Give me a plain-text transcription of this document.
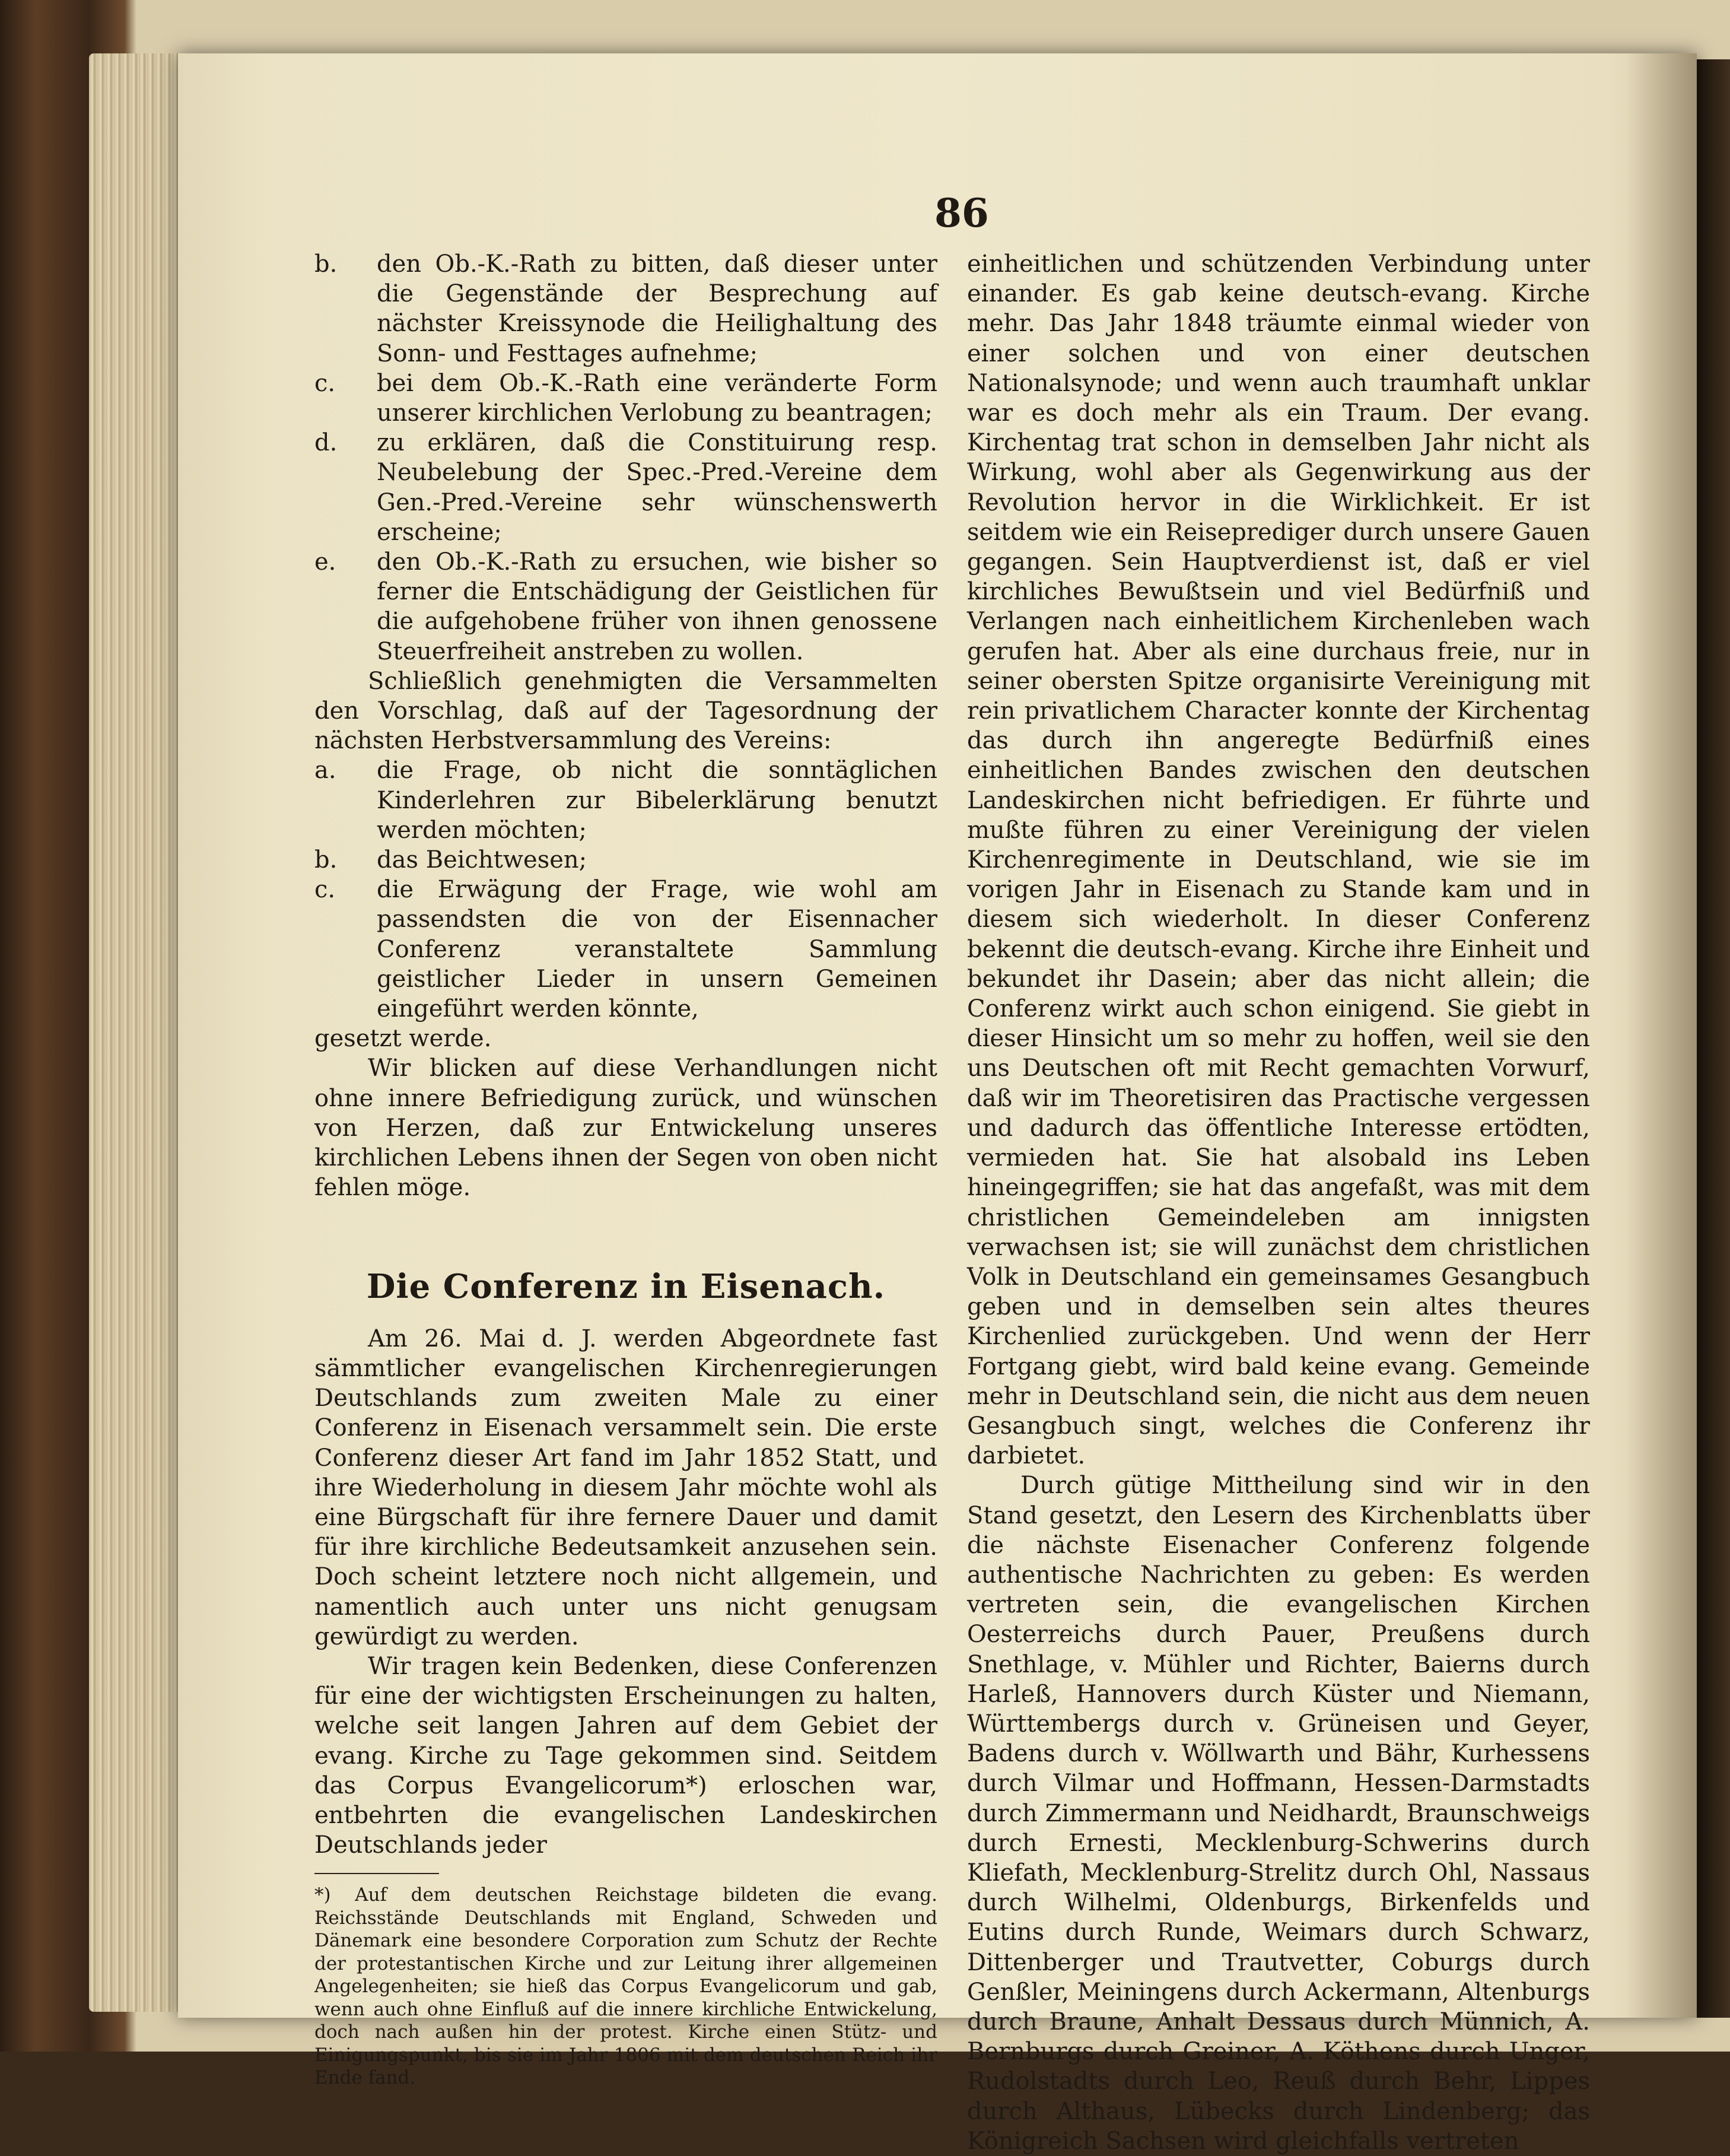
86
b.	den Ob.-K.-Rath zu bitten, daß dieser unter die Gegenstände der Besprechung auf nächster Kreissynode die Heilighaltung des Sonn- und Festtages aufnehme;
c.	bei dem Ob.-K.-Rath eine veränderte Form unserer kirchlichen Verlobung zu beantragen;
d.	zu erklären, daß die Constituirung resp. Neubelebung der Spec.-Pred.-Vereine dem Gen.-Pred.-Vereine sehr wünschenswerth erscheine;
e.	den Ob.-K.-Rath zu ersuchen, wie bisher so ferner die Entschädigung der Geistlichen für die aufgehobene früher von ihnen genossene Steuerfreiheit anstreben zu wollen.

Schließlich genehmigten die Versammelten den Vorschlag, daß auf der Tagesordnung der nächsten Herbstversammlung des Vereins:

a.	die Frage, ob nicht die sonntäglichen Kinderlehren zur Bibelerklärung benutzt werden möchten;
b.	das Beichtwesen;
c.	die Erwägung der Frage, wie wohl am passendsten die von der Eisennacher Conferenz veranstaltete Sammlung geistlicher Lieder in unsern Gemeinen eingeführt werden könnte,

gesetzt werde.

Wir blicken auf diese Verhandlungen nicht ohne innere Befriedigung zurück, und wünschen von Herzen, daß zur Entwickelung unseres kirchlichen Lebens ihnen der Segen von oben nicht fehlen möge.

Die Conferenz in Eisenach.

Am 26. Mai d. J. werden Abgeordnete fast sämmtlicher evangelischen Kirchenregierungen Deutschlands zum zweiten Male zu einer Conferenz in Eisenach versammelt sein. Die erste Conferenz dieser Art fand im Jahr 1852 Statt, und ihre Wiederholung in diesem Jahr möchte wohl als eine Bürgschaft für ihre fernere Dauer und damit für ihre kirchliche Bedeutsamkeit anzusehen sein. Doch scheint letztere noch nicht allgemein, und namentlich auch unter uns nicht genugsam gewürdigt zu werden.

Wir tragen kein Bedenken, diese Conferenzen für eine der wichtigsten Erscheinungen zu halten, welche seit langen Jahren auf dem Gebiet der evang. Kirche zu Tage gekommen sind. Seitdem das Corpus Evangelicorum*) erloschen war, entbehrten die evangelischen Landeskirchen Deutschlands jeder

*) Auf dem deutschen Reichstage bildeten die evang. Reichsstände Deutschlands mit England, Schweden und Dänemark eine besondere Corporation zum Schutz der Rechte der protestantischen Kirche und zur Leitung ihrer allgemeinen Angelegenheiten; sie hieß das Corpus Evangelicorum und gab, wenn auch ohne Einfluß auf die innere kirchliche Entwickelung, doch nach außen hin der protest. Kirche einen Stütz- und Einigungspunkt, bis sie im Jahr 1806 mit dem deutschen Reich ihr Ende fand.

einheitlichen und schützenden Verbindung unter einander. Es gab keine deutsch-evang. Kirche mehr. Das Jahr 1848 träumte einmal wieder von einer solchen und von einer deutschen Nationalsynode; und wenn auch traumhaft unklar war es doch mehr als ein Traum. Der evang. Kirchentag trat schon in demselben Jahr nicht als Wirkung, wohl aber als Gegenwirkung aus der Revolution hervor in die Wirklichkeit. Er ist seitdem wie ein Reiseprediger durch unsere Gauen gegangen. Sein Hauptverdienst ist, daß er viel kirchliches Bewußtsein und viel Bedürfniß und Verlangen nach einheitlichem Kirchenleben wach gerufen hat. Aber als eine durchaus freie, nur in seiner obersten Spitze organisirte Vereinigung mit rein privatlichem Character konnte der Kirchentag das durch ihn angeregte Bedürfniß eines einheitlichen Bandes zwischen den deutschen Landeskirchen nicht befriedigen. Er führte und mußte führen zu einer Vereinigung der vielen Kirchenregimente in Deutschland, wie sie im vorigen Jahr in Eisenach zu Stande kam und in diesem sich wiederholt. In dieser Conferenz bekennt die deutsch-evang. Kirche ihre Einheit und bekundet ihr Dasein; aber das nicht allein; die Conferenz wirkt auch schon einigend. Sie giebt in dieser Hinsicht um so mehr zu hoffen, weil sie den uns Deutschen oft mit Recht gemachten Vorwurf, daß wir im Theoretisiren das Practische vergessen und dadurch das öffentliche Interesse ertödten, vermieden hat. Sie hat alsobald ins Leben hineingegriffen; sie hat das angefaßt, was mit dem christlichen Gemeindeleben am innigsten verwachsen ist; sie will zunächst dem christlichen Volk in Deutschland ein gemeinsames Gesangbuch geben und in demselben sein altes theures Kirchenlied zurückgeben. Und wenn der Herr Fortgang giebt, wird bald keine evang. Gemeinde mehr in Deutschland sein, die nicht aus dem neuen Gesangbuch singt, welches die Conferenz ihr darbietet.

Durch gütige Mittheilung sind wir in den Stand gesetzt, den Lesern des Kirchenblatts über die nächste Eisenacher Conferenz folgende authentische Nachrichten zu geben: Es werden vertreten sein, die evangelischen Kirchen Oesterreichs durch Pauer, Preußens durch Snethlage, v. Mühler und Richter, Baierns durch Harleß, Hannovers durch Küster und Niemann, Württembergs durch v. Grüneisen und Geyer, Badens durch v. Wöllwarth und Bähr, Kurhessens durch Vilmar und Hoffmann, Hessen-Darmstadts durch Zimmermann und Neidhardt, Braunschweigs durch Ernesti, Mecklenburg-Schwerins durch Kliefath, Mecklenburg-Strelitz durch Ohl, Nassaus durch Wilhelmi, Oldenburgs, Birkenfelds und Eutins durch Runde, Weimars durch Schwarz, Dittenberger und Trautvetter, Coburgs durch Genßler, Meiningens durch Ackermann, Altenburgs durch Braune, Anhalt Dessaus durch Münnich, A. Bernburgs durch Greiner, A. Köthens durch Unger, Rudolstadts durch Leo, Reuß durch Behr, Lippes durch Althaus, Lübecks durch Lindenberg; das Königreich Sachsen wird gleichfalls vertreten
